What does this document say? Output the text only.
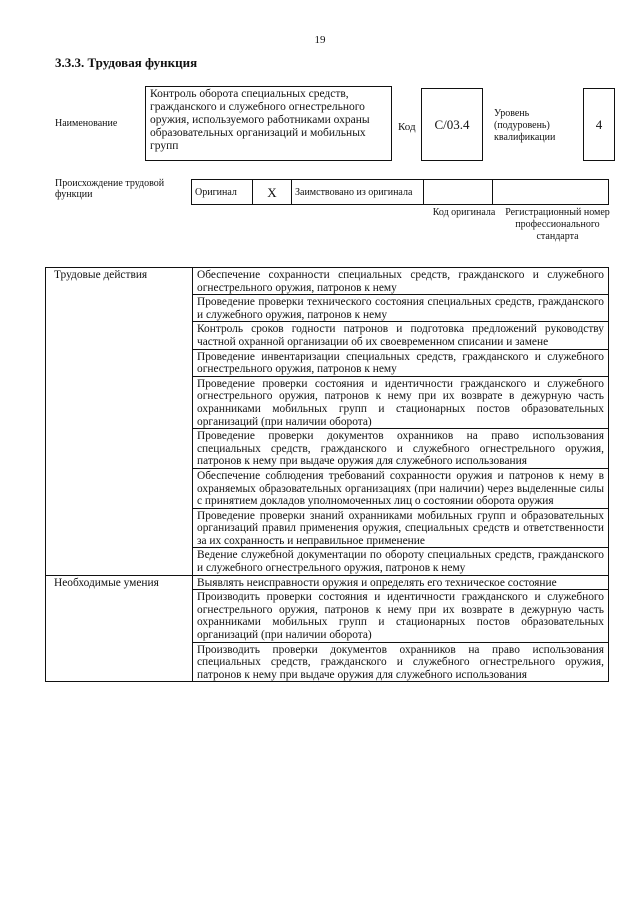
19
3.3.3. Трудовая функция
Наименование
Контроль оборота специальных средств, гражданского и служебного огнестрельного оружия, используемого работниками охраны образовательных организаций и мобильных групп
Код	C/03.4
Уровень (подуровень) квалификации
4
Происхождение трудовой функции	Оригинал	X	Заимствовано из оригинала		
Код оригинала Регистрационный номер профессионального стандарта
Трудовые действия	Обеспечение сохранности специальных средств, гражданского и служебного огнестрельного оружия, патронов к нему
	Проведение проверки технического состояния специальных средств, гражданского и служебного оружия, патронов к нему
	Контроль сроков годности патронов и подготовка предложений руководству частной охранной организации об их своевременном списании и замене
	Проведение инвентаризации специальных средств, гражданского и служебного огнестрельного оружия, патронов к нему
	Проведение проверки состояния и идентичности гражданского и служебного огнестрельного оружия, патронов к нему при их возврате в дежурную часть охранниками мобильных групп и стационарных постов образовательных организаций (при наличии оборота)
	Проведение проверки документов охранников на право использования специальных средств, гражданского и служебного огнестрельного оружия, патронов к нему при выдаче оружия для служебного использования
	Обеспечение соблюдения требований сохранности оружия и патронов к нему в охраняемых образовательных организациях (при наличии) через выделенные силы с принятием докладов уполномоченных лиц о состоянии оборота оружия
	Проведение проверки знаний охранниками мобильных групп и образовательных организаций правил применения оружия, специальных средств и ответственности за их сохранность и неправильное применение
	Ведение служебной документации по обороту специальных средств, гражданского и служебного огнестрельного оружия, патронов к нему
Необходимые умения	Выявлять неисправности оружия и определять его техническое состояние
	Производить проверки состояния и идентичности гражданского и служебного огнестрельного оружия, патронов к нему при их возврате в дежурную часть охранниками мобильных групп и стационарных постов образовательных организаций (при наличии оборота)
	Производить проверки документов охранников на право использования специальных средств, гражданского и служебного огнестрельного оружия, патронов к нему при выдаче оружия для служебного использования
